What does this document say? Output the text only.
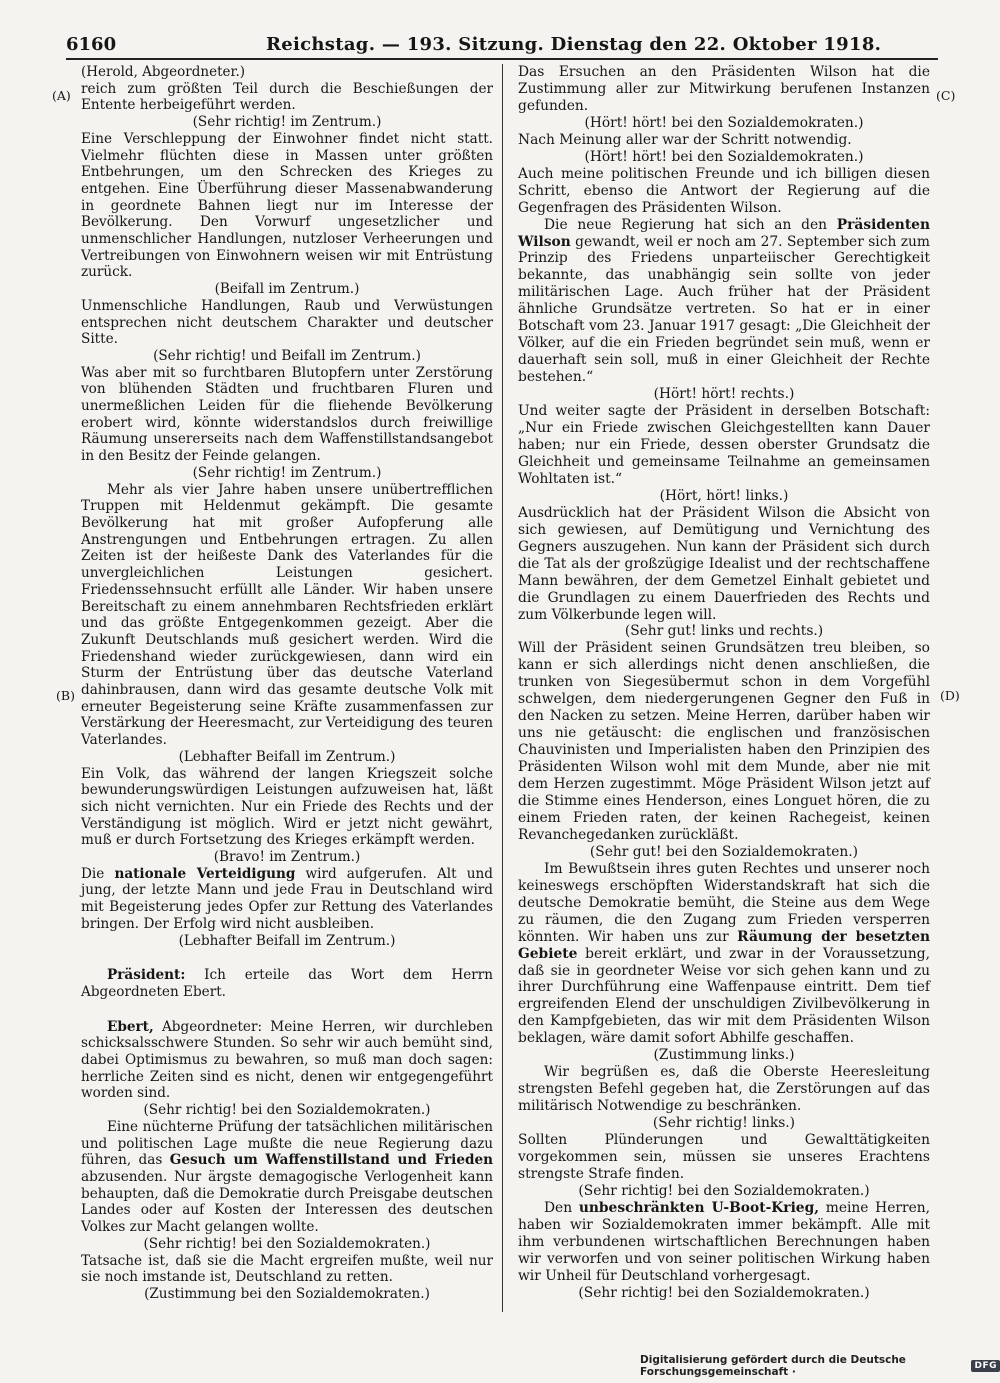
6160	Reichstag. — 193. Sitzung. Dienstag den 22. Oktober 1918.
(A)
(B)
(C)
(D)

(Herold, Abgeordneter.)

reich zum größten Teil durch die Beschießungen der Entente herbeigeführt werden.

(Sehr richtig! im Zentrum.)

Eine Verschleppung der Einwohner findet nicht statt. Vielmehr flüchten diese in Massen unter größten Entbehrungen, um den Schrecken des Krieges zu entgehen. Eine Überführung dieser Massenabwanderung in geordnete Bahnen liegt nur im Interesse der Bevölkerung. Den Vorwurf ungesetzlicher und unmenschlicher Handlungen, nutzloser Verheerungen und Vertreibungen von Einwohnern weisen wir mit Entrüstung zurück.

(Beifall im Zentrum.)

Unmenschliche Handlungen, Raub und Verwüstungen entsprechen nicht deutschem Charakter und deutscher Sitte.

(Sehr richtig! und Beifall im Zentrum.)

Was aber mit so furchtbaren Blutopfern unter Zerstörung von blühenden Städten und fruchtbaren Fluren und unermeßlichen Leiden für die fliehende Bevölkerung erobert wird, könnte widerstandslos durch freiwillige Räumung unsererseits nach dem Waffenstillstandsangebot in den Besitz der Feinde gelangen.

(Sehr richtig! im Zentrum.)

Mehr als vier Jahre haben unsere unübertrefflichen Truppen mit Heldenmut gekämpft. Die gesamte Bevölkerung hat mit großer Aufopferung alle Anstrengungen und Entbehrungen ertragen. Zu allen Zeiten ist der heißeste Dank des Vaterlandes für die unvergleichlichen Leistungen gesichert. Friedenssehnsucht erfüllt alle Länder. Wir haben unsere Bereitschaft zu einem annehmbaren Rechtsfrieden erklärt und das größte Entgegenkommen gezeigt. Aber die Zukunft Deutschlands muß gesichert werden. Wird die Friedenshand wieder zurückgewiesen, dann wird ein Sturm der Entrüstung über das deutsche Vaterland dahinbrausen, dann wird das gesamte deutsche Volk mit erneuter Begeisterung seine Kräfte zusammenfassen zur Verstärkung der Heeresmacht, zur Verteidigung des teuren Vaterlandes.

(Lebhafter Beifall im Zentrum.)

Ein Volk, das während der langen Kriegszeit solche bewunderungswürdigen Leistungen aufzuweisen hat, läßt sich nicht vernichten. Nur ein Friede des Rechts und der Verständigung ist möglich. Wird er jetzt nicht gewährt, muß er durch Fortsetzung des Krieges erkämpft werden.

(Bravo! im Zentrum.)

Die nationale Verteidigung wird aufgerufen. Alt und jung, der letzte Mann und jede Frau in Deutschland wird mit Begeisterung jedes Opfer zur Rettung des Vaterlandes bringen. Der Erfolg wird nicht ausbleiben.

(Lebhafter Beifall im Zentrum.)

Präsident: Ich erteile das Wort dem Herrn Abgeordneten Ebert.

Ebert, Abgeordneter: Meine Herren, wir durchleben schicksalsschwere Stunden. So sehr wir auch bemüht sind, dabei Optimismus zu bewahren, so muß man doch sagen: herrliche Zeiten sind es nicht, denen wir entgegengeführt worden sind.

(Sehr richtig! bei den Sozialdemokraten.)

Eine nüchterne Prüfung der tatsächlichen militärischen und politischen Lage mußte die neue Regierung dazu führen, das Gesuch um Waffenstillstand und Frieden abzusenden. Nur ärgste demagogische Verlogenheit kann behaupten, daß die Demokratie durch Preisgabe deutschen Landes oder auf Kosten der Interessen des deutschen Volkes zur Macht gelangen wollte.

(Sehr richtig! bei den Sozialdemokraten.)

Tatsache ist, daß sie die Macht ergreifen mußte, weil nur sie noch imstande ist, Deutschland zu retten.

(Zustimmung bei den Sozialdemokraten.)

Das Ersuchen an den Präsidenten Wilson hat die Zustimmung aller zur Mitwirkung berufenen Instanzen gefunden.

(Hört! hört! bei den Sozialdemokraten.)

Nach Meinung aller war der Schritt notwendig.

(Hört! hört! bei den Sozialdemokraten.)

Auch meine politischen Freunde und ich billigen diesen Schritt, ebenso die Antwort der Regierung auf die Gegenfragen des Präsidenten Wilson.

Die neue Regierung hat sich an den Präsidenten Wilson gewandt, weil er noch am 27. September sich zum Prinzip des Friedens unparteiischer Gerechtigkeit bekannte, das unabhängig sein sollte von jeder militärischen Lage. Auch früher hat der Präsident ähnliche Grundsätze vertreten. So hat er in einer Botschaft vom 23. Januar 1917 gesagt: „Die Gleichheit der Völker, auf die ein Frieden begründet sein muß, wenn er dauerhaft sein soll, muß in einer Gleichheit der Rechte bestehen.“

(Hört! hört! rechts.)

Und weiter sagte der Präsident in derselben Botschaft: „Nur ein Friede zwischen Gleichgestellten kann Dauer haben; nur ein Friede, dessen oberster Grundsatz die Gleichheit und gemeinsame Teilnahme an gemeinsamen Wohltaten ist.“

(Hört, hört! links.)

Ausdrücklich hat der Präsident Wilson die Absicht von sich gewiesen, auf Demütigung und Vernichtung des Gegners auszugehen. Nun kann der Präsident sich durch die Tat als der großzügige Idealist und der rechtschaffene Mann bewähren, der dem Gemetzel Einhalt gebietet und die Grundlagen zu einem Dauerfrieden des Rechts und zum Völkerbunde legen will.

(Sehr gut! links und rechts.)

Will der Präsident seinen Grundsätzen treu bleiben, so kann er sich allerdings nicht denen anschließen, die trunken von Siegesübermut schon in dem Vorgefühl schwelgen, dem niedergerungenen Gegner den Fuß in den Nacken zu setzen. Meine Herren, darüber haben wir uns nie getäuscht: die englischen und französischen Chauvinisten und Imperialisten haben den Prinzipien des Präsidenten Wilson wohl mit dem Munde, aber nie mit dem Herzen zugestimmt. Möge Präsident Wilson jetzt auf die Stimme eines Henderson, eines Longuet hören, die zu einem Frieden raten, der keinen Rachegeist, keinen Revanchegedanken zurückläßt.

(Sehr gut! bei den Sozialdemokraten.)

Im Bewußtsein ihres guten Rechtes und unserer noch keineswegs erschöpften Widerstandskraft hat sich die deutsche Demokratie bemüht, die Steine aus dem Wege zu räumen, die den Zugang zum Frieden versperren könnten. Wir haben uns zur Räumung der besetzten Gebiete bereit erklärt, und zwar in der Voraussetzung, daß sie in geordneter Weise vor sich gehen kann und zu ihrer Durchführung eine Waffenpause eintritt. Dem tief ergreifenden Elend der unschuldigen Zivilbevölkerung in den Kampfgebieten, das wir mit dem Präsidenten Wilson beklagen, wäre damit sofort Abhilfe geschaffen.

(Zustimmung links.)

Wir begrüßen es, daß die Oberste Heeresleitung strengsten Befehl gegeben hat, die Zerstörungen auf das militärisch Notwendige zu beschränken.

(Sehr richtig! links.)

Sollten Plünderungen und Gewalttätigkeiten vorgekommen sein, müssen sie unseres Erachtens strengste Strafe finden.

(Sehr richtig! bei den Sozialdemokraten.)

Den unbeschränkten U-Boot-Krieg, meine Herren, haben wir Sozialdemokraten immer bekämpft. Alle mit ihm verbundenen wirtschaftlichen Berechnungen haben wir verworfen und von seiner politischen Wirkung haben wir Unheil für Deutschland vorhergesagt.

(Sehr richtig! bei den Sozialdemokraten.)

Digitalisierung gefördert durch die Deutsche Forschungsgemeinschaft ·	DFG
